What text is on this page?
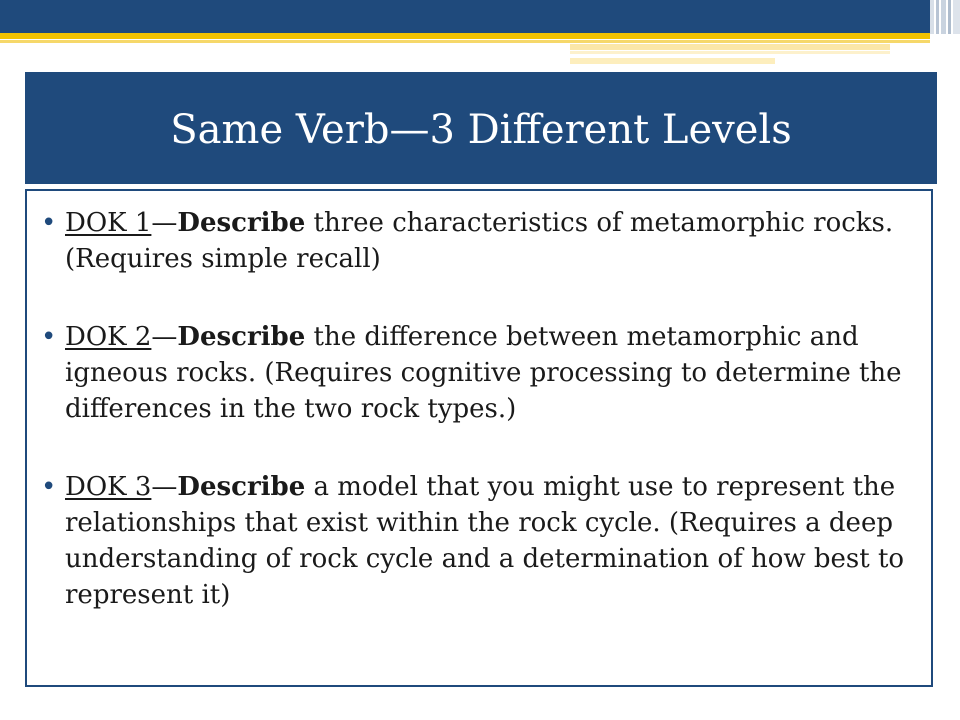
Same Verb—3 Different Levels
• DOK 1—Describe three characteristics of metamorphic rocks. (Requires simple recall)
• DOK 2—Describe the difference between metamorphic and igneous rocks. (Requires cognitive processing to determine the differences in the two rock types.)
• DOK 3—Describe a model that you might use to represent the relationships that exist within the rock cycle. (Requires a deep understanding of rock cycle and a determination of how best to represent it)
